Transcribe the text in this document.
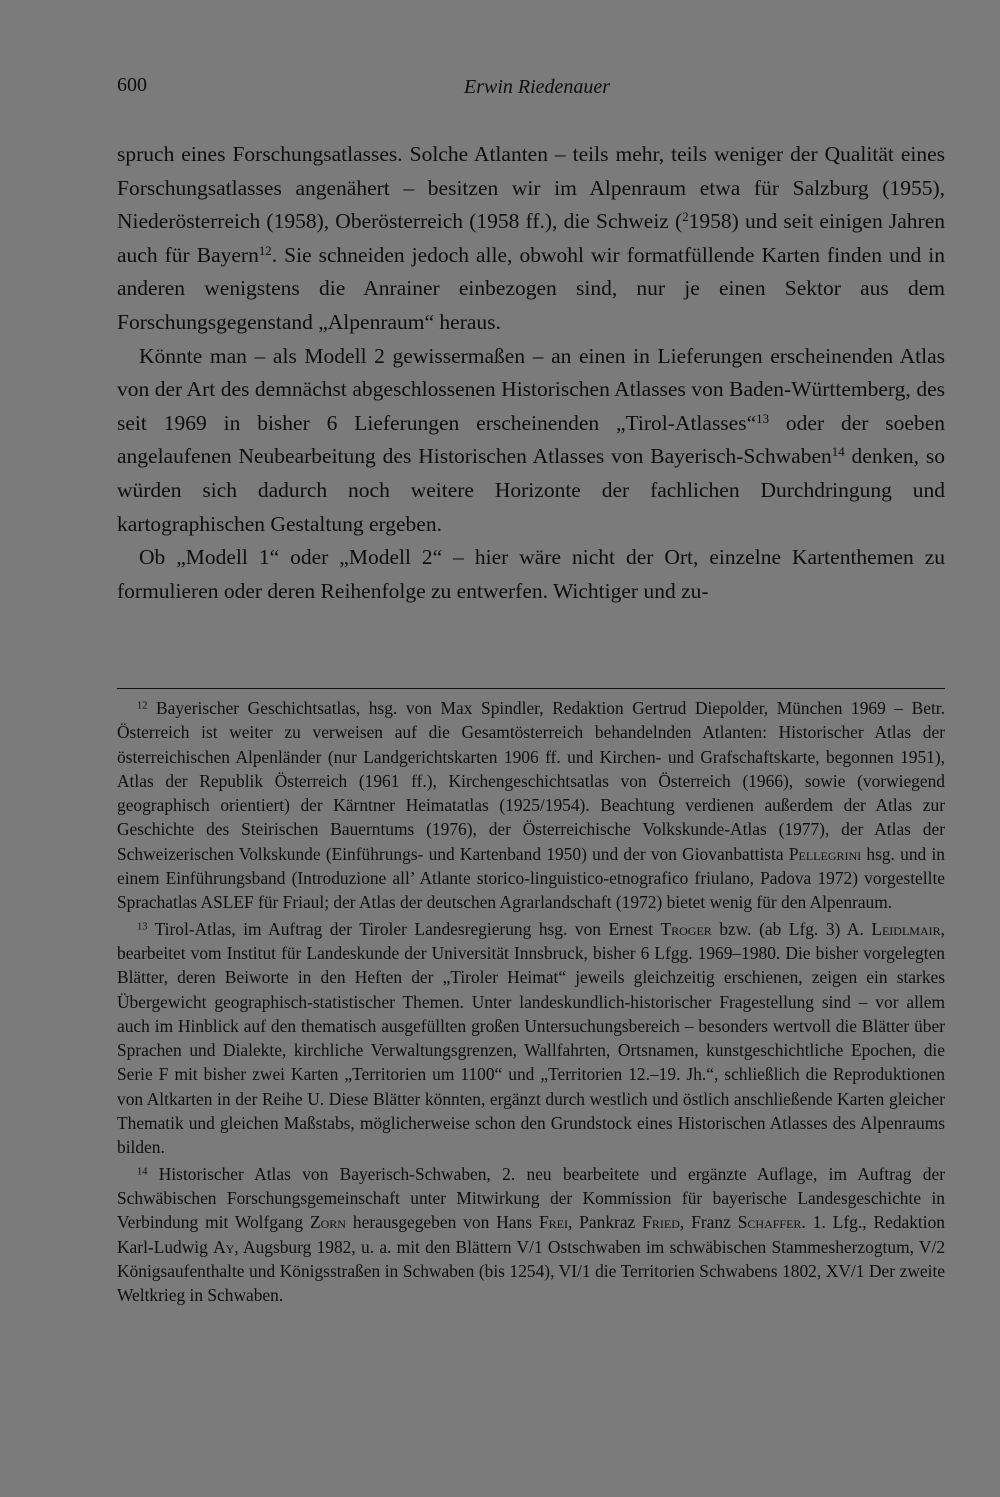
600	Erwin Riedenauer

spruch eines Forschungsatlasses. Solche Atlanten – teils mehr, teils weniger der Qualität eines Forschungsatlasses angenähert – besitzen wir im Alpenraum etwa für Salzburg (1955), Niederösterreich (1958), Oberösterreich (1958 ff.), die Schweiz ($^2$1958) und seit einigen Jahren auch für Bayern$^{12}$. Sie schneiden jedoch alle, obwohl wir formatfüllende Karten finden und in anderen wenigstens die Anrainer einbezogen sind, nur je einen Sektor aus dem Forschungsgegenstand „Alpenraum“ heraus.

Könnte man – als Modell 2 gewissermaßen – an einen in Lieferungen erscheinenden Atlas von der Art des demnächst abgeschlossenen Historischen Atlasses von Baden-Württemberg, des seit 1969 in bisher 6 Lieferungen erscheinenden „Tirol-Atlasses“$^{13}$ oder der soeben angelaufenen Neubearbeitung des Historischen Atlasses von Bayerisch-Schwaben$^{14}$ denken, so würden sich dadurch noch weitere Horizonte der fachlichen Durchdringung und kartographischen Gestaltung ergeben.

Ob „Modell 1“ oder „Modell 2“ – hier wäre nicht der Ort, einzelne Kartenthemen zu formulieren oder deren Reihenfolge zu entwerfen. Wichtiger und zu-

$^{12}$ Bayerischer Geschichtsatlas, hsg. von Max Spindler, Redaktion Gertrud Diepolder, München 1969 – Betr. Österreich ist weiter zu verweisen auf die Gesamtösterreich behandelnden Atlanten: Historischer Atlas der österreichischen Alpenländer (nur Landgerichtskarten 1906 ff. und Kirchen- und Grafschaftskarte, begonnen 1951), Atlas der Republik Österreich (1961 ff.), Kirchengeschichtsatlas von Österreich (1966), sowie (vorwiegend geographisch orientiert) der Kärntner Heimatatlas (1925/1954). Beachtung verdienen außerdem der Atlas zur Geschichte des Steirischen Bauerntums (1976), der Österreichische Volkskunde-Atlas (1977), der Atlas der Schweizerischen Volkskunde (Einführungs- und Kartenband 1950) und der von Giovanbattista Pellegrini hsg. und in einem Einführungsband (Introduzione all’ Atlante storico-linguistico-etnografico friulano, Padova 1972) vorgestellte Sprachatlas ASLEF für Friaul; der Atlas der deutschen Agrarlandschaft (1972) bietet wenig für den Alpenraum.

$^{13}$ Tirol-Atlas, im Auftrag der Tiroler Landesregierung hsg. von Ernest Troger bzw. (ab Lfg. 3) A. Leidlmair, bearbeitet vom Institut für Landeskunde der Universität Innsbruck, bisher 6 Lfgg. 1969–1980. Die bisher vorgelegten Blätter, deren Beiworte in den Heften der „Tiroler Heimat“ jeweils gleichzeitig erschienen, zeigen ein starkes Übergewicht geographisch-statistischer Themen. Unter landeskundlich-historischer Fragestellung sind – vor allem auch im Hinblick auf den thematisch ausgefüllten großen Untersuchungsbereich – besonders wertvoll die Blätter über Sprachen und Dialekte, kirchliche Verwaltungsgrenzen, Wallfahrten, Ortsnamen, kunstgeschichtliche Epochen, die Serie F mit bisher zwei Karten „Territorien um 1100“ und „Territorien 12.–19. Jh.“, schließlich die Reproduktionen von Altkarten in der Reihe U. Diese Blätter könnten, ergänzt durch westlich und östlich anschließende Karten gleicher Thematik und gleichen Maßstabs, möglicherweise schon den Grundstock eines Historischen Atlasses des Alpenraums bilden.

$^{14}$ Historischer Atlas von Bayerisch-Schwaben, 2. neu bearbeitete und ergänzte Auflage, im Auftrag der Schwäbischen Forschungsgemeinschaft unter Mitwirkung der Kommission für bayerische Landesgeschichte in Verbindung mit Wolfgang Zorn herausgegeben von Hans Frei, Pankraz Fried, Franz Schaffer. 1. Lfg., Redaktion Karl-Ludwig Ay, Augsburg 1982, u. a. mit den Blättern V/1 Ostschwaben im schwäbischen Stammesherzogtum, V/2 Königsaufenthalte und Königsstraßen in Schwaben (bis 1254), VI/1 die Territorien Schwabens 1802, XV/1 Der zweite Weltkrieg in Schwaben.
